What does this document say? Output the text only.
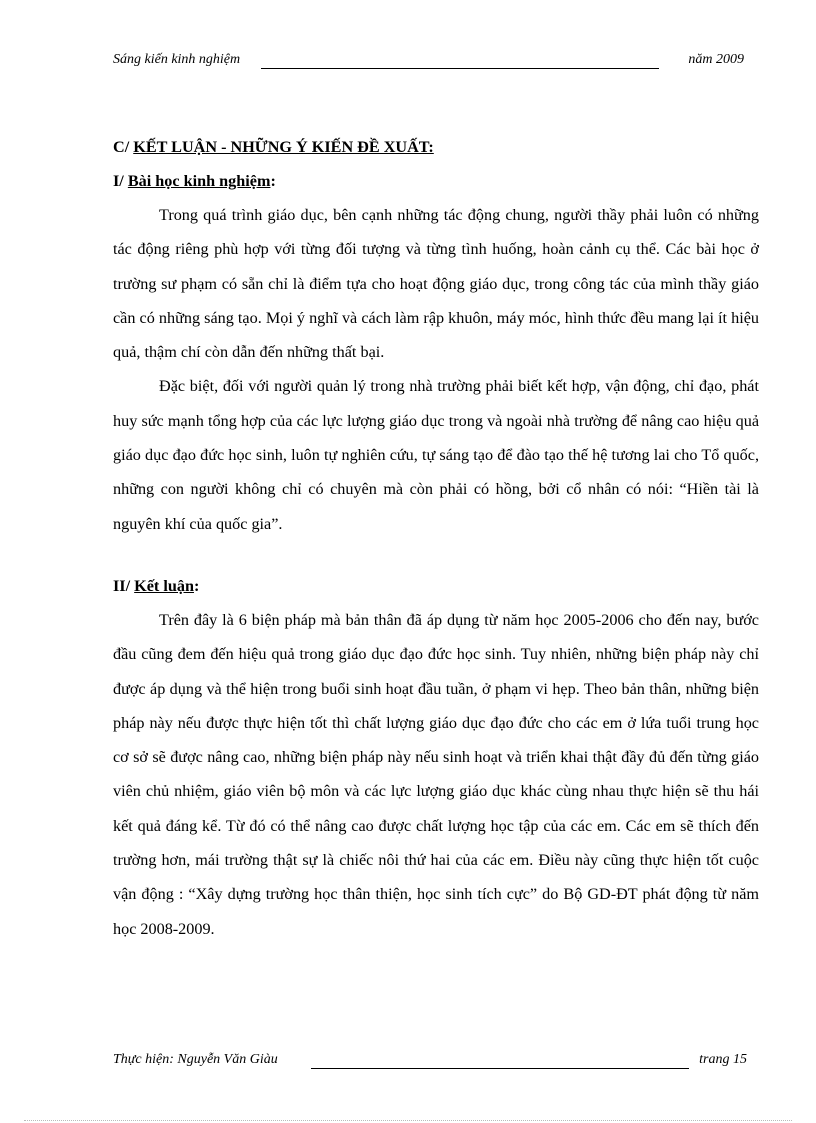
Sáng kiến kinh nghiệm	năm 2009
C/ KẾT LUẬN - NHỮNG Ý KIẾN ĐỀ XUẤT:
I/ Bài học kinh nghiệm:

Trong quá trình giáo dục, bên cạnh những tác động chung, người thầy phải luôn có những tác động riêng phù hợp với từng đối tượng và từng tình huống, hoàn cảnh cụ thể. Các bài học ở trường sư phạm có sẵn chỉ là điểm tựa cho hoạt động giáo dục, trong công tác của mình thầy giáo cần có những sáng tạo. Mọi ý nghĩ và cách làm rập khuôn, máy móc, hình thức đều mang lại ít hiệu quả, thậm chí còn dẫn đến những thất bại.

Đặc biệt, đối với người quản lý trong nhà trường phải biết kết hợp, vận động, chỉ đạo, phát huy sức mạnh tổng hợp của các lực lượng giáo dục trong và ngoài nhà trường để nâng cao hiệu quả giáo dục đạo đức học sinh, luôn tự nghiên cứu, tự sáng tạo để đào tạo thế hệ tương lai cho Tổ quốc, những con người không chỉ có chuyên mà còn phải có hồng, bởi cổ nhân có nói: “Hiền tài là nguyên khí của quốc gia”.

II/ Kết luận:

Trên đây là 6 biện pháp mà bản thân đã áp dụng từ năm học 2005-2006 cho đến nay, bước đầu cũng đem đến hiệu quả trong giáo dục đạo đức học sinh. Tuy nhiên, những biện pháp này chỉ được áp dụng và thể hiện trong buổi sinh hoạt đầu tuần, ở phạm vi hẹp. Theo bản thân, những biện pháp này nếu được thực hiện tốt thì chất lượng giáo dục đạo đức cho các em ở lứa tuổi trung học cơ sở sẽ được nâng cao, những biện pháp này nếu sinh hoạt và triển khai thật đầy đủ đến từng giáo viên chủ nhiệm, giáo viên bộ môn và các lực lượng giáo dục khác cùng nhau thực hiện sẽ thu hái kết quả đáng kể. Từ đó có thể nâng cao được chất lượng học tập của các em. Các em sẽ thích đến trường hơn, mái trường thật sự là chiếc nôi thứ hai của các em. Điều này cũng thực hiện tốt cuộc vận động : “Xây dựng trường học thân thiện, học sinh tích cực” do Bộ GD-ĐT phát động từ năm học 2008-2009.

Thực hiện: Nguyễn Văn Giàu	trang 15
